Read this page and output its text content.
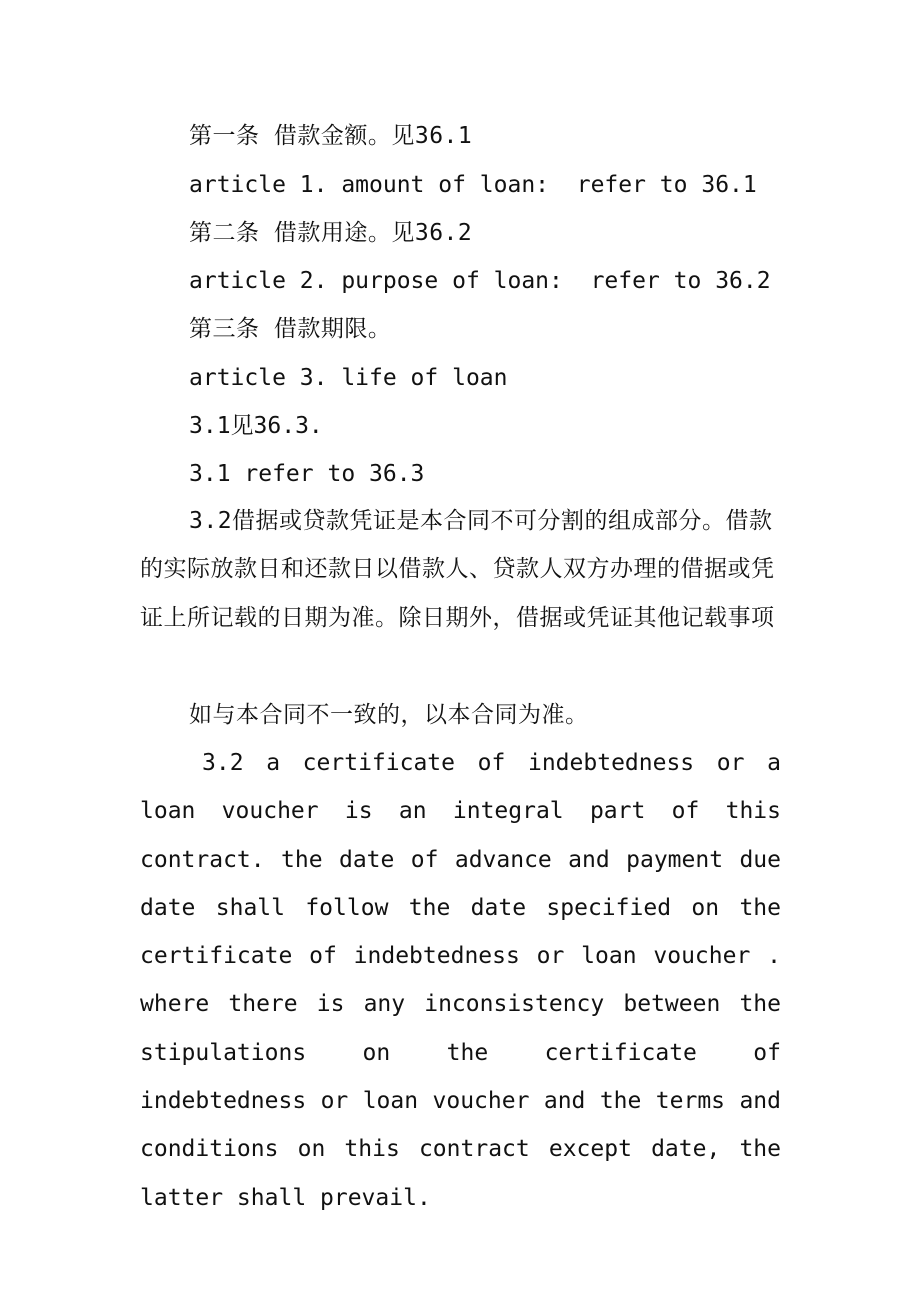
第一条 借款金额。见36.1
article 1. amount of loan:  refer to 36.1
第二条 借款用途。见36.2
article 2. purpose of loan:  refer to 36.2
第三条 借款期限。
article 3. life of loan
3.1见36.3.
3.1 refer to 36.3

3.2借据或贷款凭证是本合同不可分割的组成部分。借款的实际放款日和还款日以借款人、贷款人双方办理的借据或凭证上所记载的日期为准。除日期外，借据或凭证其他记载事项

如与本合同不一致的，以本合同为准。

3.2 a certificate of indebtedness or a loan voucher is an integral part of this contract. the date of advance and payment due date shall follow the date specified on the certificate of indebtedness or loan voucher . where there is any inconsistency between the stipulations on the certificate of indebtedness or loan voucher and the terms and conditions on this contract except date, the latter shall prevail.
